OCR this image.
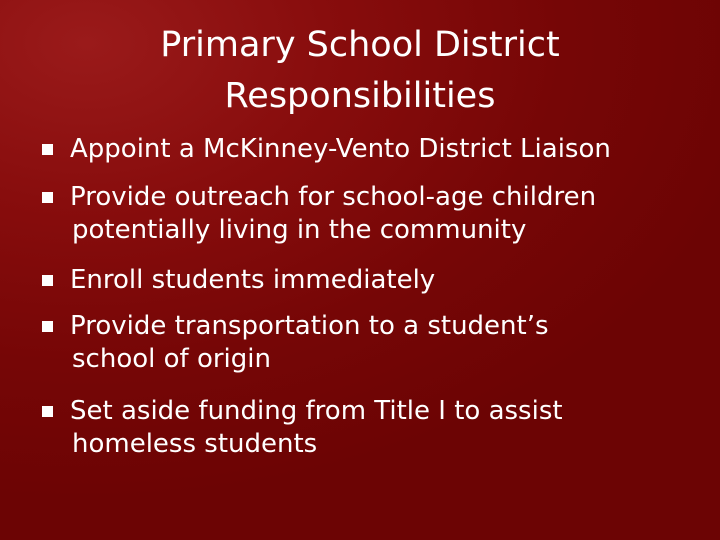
Primary School District
Responsibilities
Appoint a McKinney-Vento District Liaison
Provide outreach for school-age children
potentially living in the community
Enroll students immediately
Provide transportation to a student’s
school of origin
Set aside funding from Title I to assist
homeless students
